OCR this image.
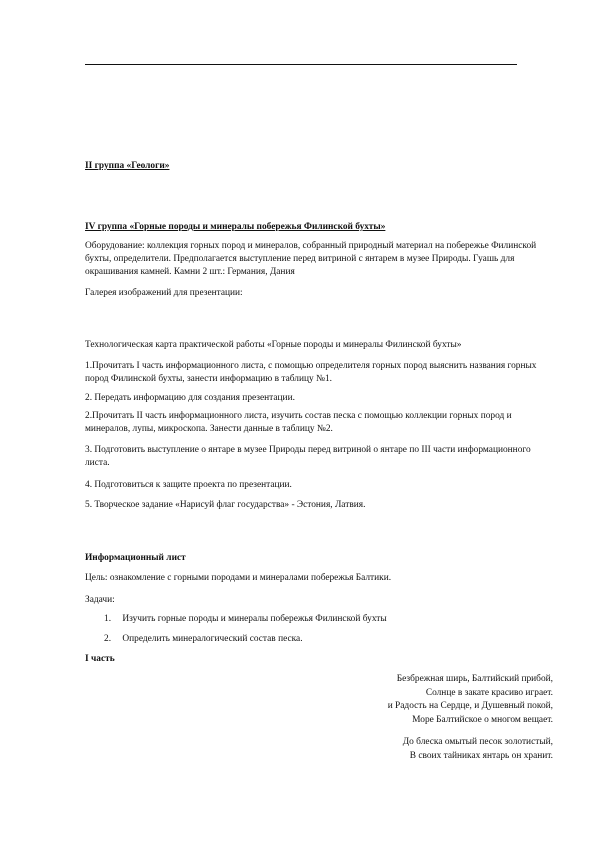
II группа «Геологи»

IV группа «Горные породы и минералы побережья Филинской бухты»

Оборудование: коллекция горных пород и минералов, собранный природный материал на побережье Филинской бухты, определители. Предполагается выступление перед витриной с янтарем в музее Природы. Гуашь для окрашивания камней. Камни 2 шт.: Германия, Дания

Галерея изображений для презентации:

Технологическая карта практической работы «Горные породы и минералы Филинской бухты»

1.Прочитать I часть информационного листа, с помощью определителя горных пород выяснить названия горных пород Филинской бухты, занести информацию в таблицу №1.

2. Передать информацию для создания презентации.

2.Прочитать II часть информационного листа, изучить состав песка с помощью коллекции горных пород и минералов, лупы, микроскопа. Занести данные в таблицу №2.

3. Подготовить выступление о янтаре в музее Природы перед витриной о янтаре по III части информационного листа.

4. Подготовиться к защите проекта по презентации.

5. Творческое задание «Нарисуй флаг государства» - Эстония, Латвия.

Информационный лист

Цель: ознакомление с горными породами и минералами побережья Балтики.

Задачи:

1. Изучить горные породы и минералы побережья Филинской бухты
2. Определить минералогический состав песка.

I часть

Безбрежная ширь, Балтийский прибой,
Солнце в закате красиво играет.
и Радость на Сердце, и Душевный покой,
Море Балтийское о многом вещает.
До блеска омытый песок золотистый,
В своих тайниках янтарь он хранит.
